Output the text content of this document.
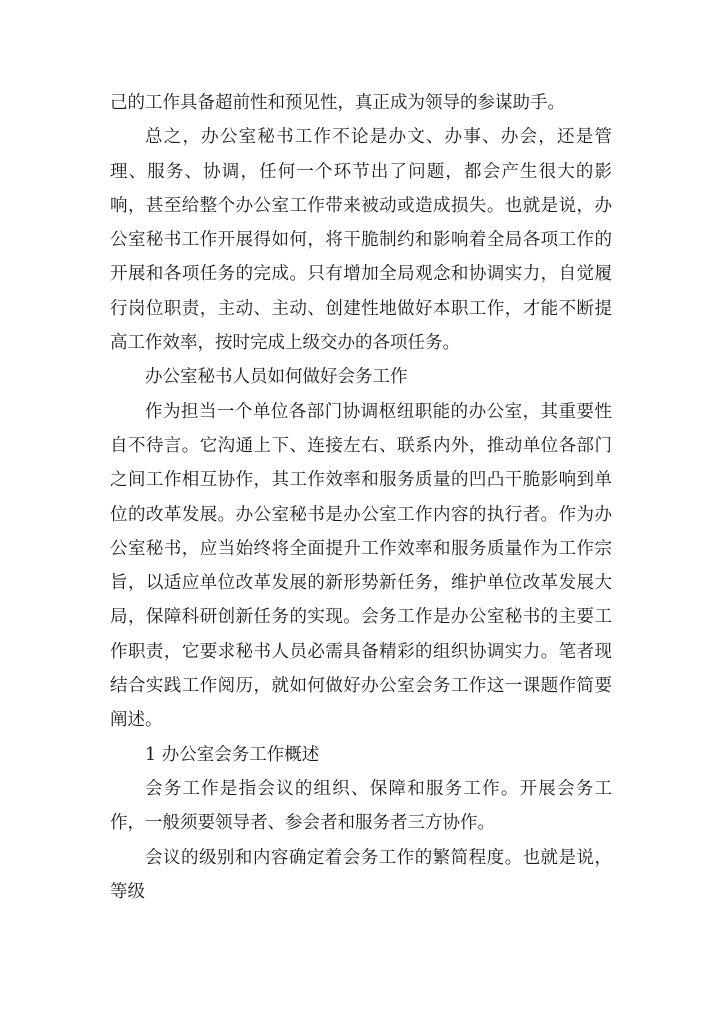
己的工作具备超前性和预见性，真正成为领导的参谋助手。

总之，办公室秘书工作不论是办文、办事、办会，还是管理、服务、协调，任何一个环节出了问题，都会产生很大的影响，甚至给整个办公室工作带来被动或造成损失。也就是说，办公室秘书工作开展得如何，将干脆制约和影响着全局各项工作的开展和各项任务的完成。只有增加全局观念和协调实力，自觉履行岗位职责，主动、主动、创建性地做好本职工作，才能不断提高工作效率，按时完成上级交办的各项任务。

办公室秘书人员如何做好会务工作

作为担当一个单位各部门协调枢纽职能的办公室，其重要性自不待言。它沟通上下、连接左右、联系内外，推动单位各部门之间工作相互协作，其工作效率和服务质量的凹凸干脆影响到单位的改革发展。办公室秘书是办公室工作内容的执行者。作为办公室秘书，应当始终将全面提升工作效率和服务质量作为工作宗旨，以适应单位改革发展的新形势新任务，维护单位改革发展大局，保障科研创新任务的实现。会务工作是办公室秘书的主要工作职责，它要求秘书人员必需具备精彩的组织协调实力。笔者现结合实践工作阅历，就如何做好办公室会务工作这一课题作简要阐述。

1 办公室会务工作概述

会务工作是指会议的组织、保障和服务工作。开展会务工作，一般须要领导者、参会者和服务者三方协作。

会议的级别和内容确定着会务工作的繁简程度。也就是说，等级
